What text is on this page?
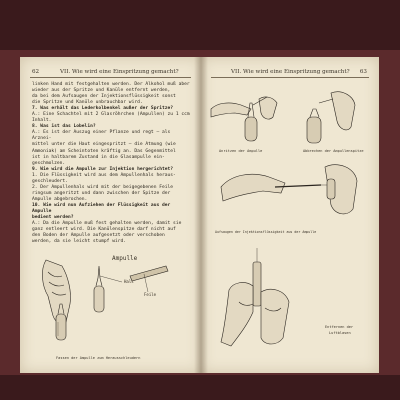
62	VII. Wie wird eine Einspritzung gemacht?

linken Hand mit festgehalten werden. Der Alkohol muß aber

wieder aus der Spritze und Kanüle entfernt werden,

da bei dem Aufsaugen der Injektionsflüssigkeit sonst

die Spritze und Kanüle unbrauchbar wird.

7. Was erhält das Lederkolbenkel außer der Spritze?

A.: Eine Schachtel mit 2 Glasröhrchen (Ampullen) zu 1 ccm

Inhalt.

8. Was ist das Lobelin?

A.: Es ist der Auszug einer Pflanze und regt – als Arznei-

mittel unter die Haut eingespritzt – die Atmung (wie

Ammoniak) am Scheintoten kräftig an. Das Gegenmittel

ist in haltbarem Zustand in die Glasampulle ein-

geschmolzen.

9. Wie wird die Ampulle zur Injektion hergerichtet?

1. Die Flüssigkeit wird aus dem Ampullenhals heraus-

geschleudert.

2. Der Ampullenhals wird mit der beigegebenen Feile

ringsum angeritzt und dann zwischen der Spitze der

Ampulle abgebrochen.

10. Wie wird nun Aufziehen der Flüssigkeit aus der Ampulle

bedient werden?

A.: Da die Ampulle muß fest gehalten werden, damit sie

ganz entleert wird. Die Kanülenspitze darf nicht auf

den Boden der Ampulle aufgesetzt oder verschoben

werden, da sie leicht stumpf wird.

Ampulle
Hals
Feile
Fassen der Ampulle zum Herausschleudern
VII. Wie wird eine Einspritzung gemacht? 63
Anritzen der Ampulle	Abbrechen der Ampullenspitze
Aufsaugen der Injektionsflüssigkeit aus der Ampulle
Entfernen der
Luftblasen
